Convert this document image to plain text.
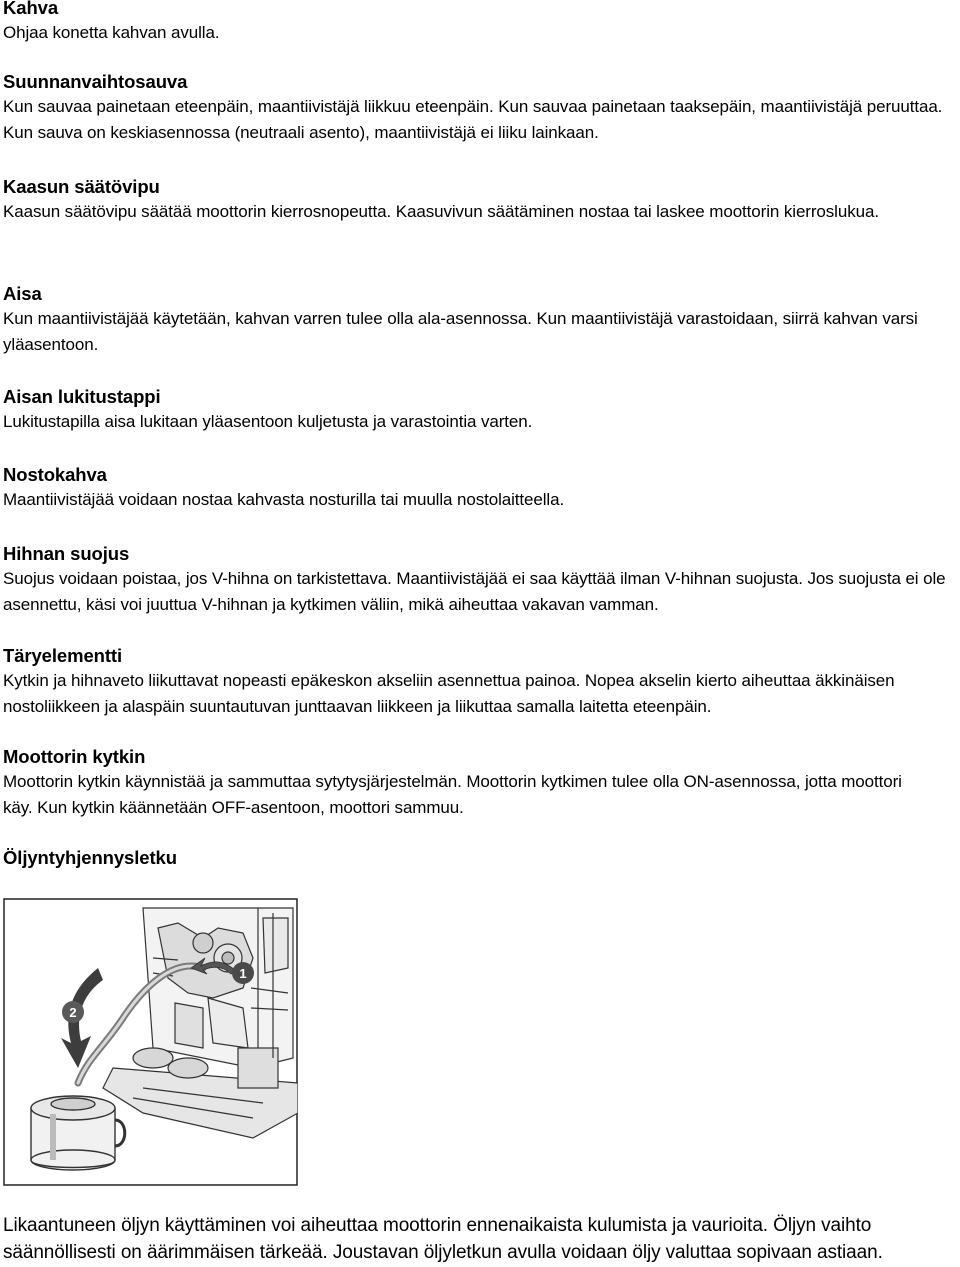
Kahva

Ohjaa konetta kahvan avulla.

Suunnanvaihtosauva

Kun sauvaa painetaan eteenpäin, maantiivistäjä liikkuu eteenpäin. Kun sauvaa painetaan taaksepäin, maantiivistäjä peruuttaa. Kun sauva on keskiasennossa (neutraali asento), maantiivistäjä ei liiku lainkaan.

Kaasun säätövipu

Kaasun säätövipu säätää moottorin kierrosnopeutta. Kaasuvivun säätäminen nostaa tai laskee moottorin kierroslukua.

Aisa

Kun maantiivistäjää käytetään, kahvan varren tulee olla ala-asennossa. Kun maantiivistäjä varastoidaan, siirrä kahvan varsi yläasentoon.

Aisan lukitustappi

Lukitustapilla aisa lukitaan yläasentoon kuljetusta ja varastointia varten.

Nostokahva

Maantiivistäjää voidaan nostaa kahvasta nosturilla tai muulla nostolaitteella.

Hihnan suojus

Suojus voidaan poistaa, jos V-hihna on tarkistettava. Maantiivistäjää ei saa käyttää ilman V-hihnan suojusta. Jos suojusta ei ole asennettu, käsi voi juuttua V-hihnan ja kytkimen väliin, mikä aiheuttaa vakavan vamman.

Täryelementti

Kytkin ja hihnaveto liikuttavat nopeasti epäkeskon akseliin asennettua painoa. Nopea akselin kierto aiheuttaa äkkinäisen nostoliikkeen ja alaspäin suuntautuvan junttaavan liikkeen ja liikuttaa samalla laitetta eteenpäin.

Moottorin kytkin

Moottorin kytkin käynnistää ja sammuttaa sytytysjärjestelmän. Moottorin kytkimen tulee olla ON-asennossa, jotta moottori käy. Kun kytkin käännetään OFF-asentoon, moottori sammuu.

Öljyntyhjennysletku

1
2

Likaantuneen öljyn käyttäminen voi aiheuttaa moottorin ennenaikaista kulumista ja vaurioita. Öljyn vaihto säännöllisesti on äärimmäisen tärkeää. Joustavan öljyletkun avulla voidaan öljy valuttaa sopivaan astiaan.
